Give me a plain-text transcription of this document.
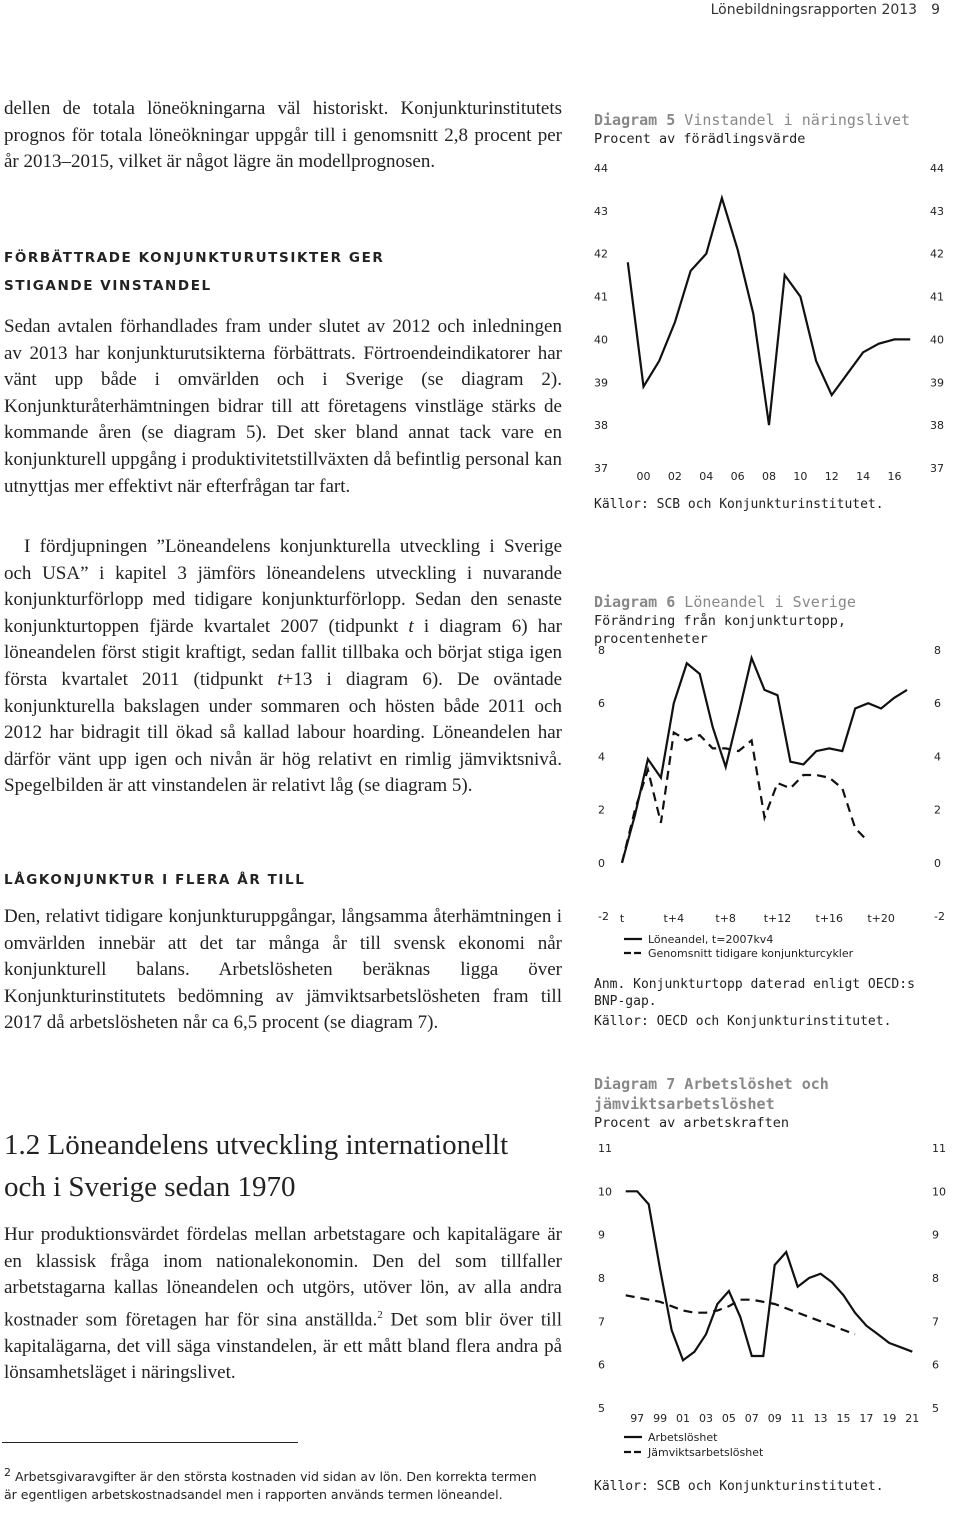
Lönebildningsrapporten 2013 9

dellen de totala löneökningarna väl historiskt. Konjunkturinstitutets prognos för totala löneökningar uppgår till i genomsnitt 2,8 procent per år 2013–2015, vilket är något lägre än modellprognosen.

FÖRBÄTTRADE KONJUNKTURUTSIKTER GER

STIGANDE VINSTANDEL

Sedan avtalen förhandlades fram under slutet av 2012 och inledningen av 2013 har konjunkturutsikterna förbättrats. Förtroendeindikatorer har vänt upp både i omvärlden och i Sverige (se diagram 2). Konjunkturåterhämtningen bidrar till att företagens vinstläge stärks de kommande åren (se diagram 5). Det sker bland annat tack vare en konjunkturell uppgång i produktivitetstillväxten då befintlig personal kan utnyttjas mer effektivt när efterfrågan tar fart.

I fördjupningen ”Löneandelens konjunkturella utveckling i Sverige och USA” i kapitel 3 jämförs löneandelens utveckling i nuvarande konjunkturförlopp med tidigare konjunkturförlopp. Sedan den senaste konjunkturtoppen fjärde kvartalet 2007 (tidpunkt t i diagram 6) har löneandelen först stigit kraftigt, sedan fallit tillbaka och börjat stiga igen första kvartalet 2011 (tidpunkt t+13 i diagram 6). De oväntade konjunkturella bakslagen under sommaren och hösten både 2011 och 2012 har bidragit till ökad så kallad labour hoarding. Löneandelen har därför vänt upp igen och nivån är hög relativt en rimlig jämviktsnivå. Spegelbilden är att vinstandelen är relativt låg (se diagram 5).

LÅGKONJUNKTUR I FLERA ÅR TILL

Den, relativt tidigare konjunkturuppgångar, långsamma återhämtningen i omvärlden innebär att det tar många år till svensk ekonomi når konjunkturell balans. Arbetslösheten beräknas ligga över Konjunkturinstitutets bedömning av jämviktsarbetslösheten fram till 2017 då arbetslösheten når ca 6,5 procent (se diagram 7).

1.2 Löneandelens utveckling internationellt
och i Sverige sedan 1970

Hur produktionsvärdet fördelas mellan arbetstagare och kapitalägare är en klassisk fråga inom nationalekonomin. Den del som tillfaller arbetstagarna kallas löneandelen och utgörs, utöver lön, av alla andra kostnader som företagen har för sina anställda.$^2$ Det som blir över till kapitalägarna, det vill säga vinstandelen, är ett mått bland flera andra på lönsamhetsläget i näringslivet.

$^2$ Arbetsgivaravgifter är den största kostnaden vid sidan av lön. Den korrekta termen är egentligen arbetskostnadsandel men i rapporten används termen löneandel.

Diagram 5 Vinstandel i näringslivet
Procent av förädlingsvärde
44	44
43	43
42	42
41	41
40	40
39	39
38	38
37	37
00 02 04 06 08 10 12 14 16
Källor: SCB och Konjunkturinstitutet.
Diagram 6 Löneandel i Sverige
Förändring från konjunkturtopp, procentenheter
8	8
6	6
4	4
2	2
0	0
-2	-2
t	t+4	t+8	t+12 t+16 t+20
Löneandel, t=2007kv4
Genomsnitt tidigare konjunkturcykler
Anm. Konjunkturtopp daterad enligt OECD:s BNP-gap.
Källor: OECD och Konjunkturinstitutet.
Diagram 7 Arbetslöshet och
jämviktsarbetslöshet
Procent av arbetskraften
11	11
10	10
9	9
8	8
7	7
6	6
5	5
97 99 01 03 05 07 09 11 13 15 17 19 21
Arbetslöshet
Jämviktsarbetslöshet
Källor: SCB och Konjunkturinstitutet.
